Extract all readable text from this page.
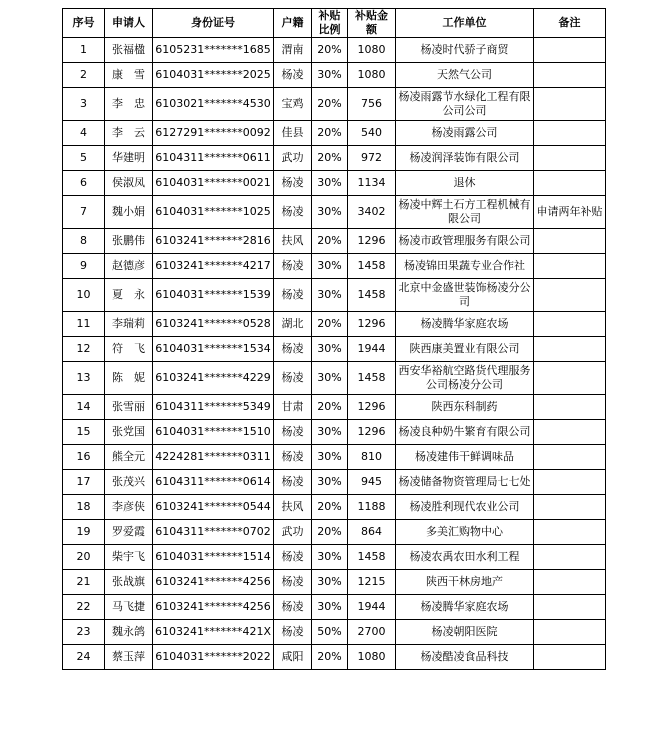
序号	申请人	身份证号	户籍	补贴比例	补贴金额	工作单位	备注
1	张福楹	6105231*******1685	渭南	20%	1080	杨凌时代骄子商贸	
2	康　雪	6104031*******2025	杨凌	30%	1080	天然气公司	
3	李　忠	6103021*******4530	宝鸡	20%	756	杨凌雨露节水绿化工程有限公司公司	
4	李　云	6127291*******0092	佳县	20%	540	杨凌雨露公司	
5	华建明	6104311*******0611	武功	20%	972	杨凌润泽装饰有限公司	
6	侯淑凤	6104031*******0021	杨凌	30%	1134	退休	
7	魏小娟	6104031*******1025	杨凌	30%	3402	杨凌中辉土石方工程机械有限公司	申请两年补贴
8	张鹏伟	6103241*******2816	扶风	20%	1296	杨凌市政管理服务有限公司	
9	赵德彦	6103241*******4217	杨凌	30%	1458	杨凌锦田果蔬专业合作社	
10	夏　永	6104031*******1539	杨凌	30%	1458	北京中金盛世装饰杨凌分公司	
11	李瑞莉	6103241*******0528	湖北	20%	1296	杨凌腾华家庭农场	
12	符　飞	6104031*******1534	杨凌	30%	1944	陕西康美置业有限公司	
13	陈　妮	6103241*******4229	杨凌	30%	1458	西安华裕航空路货代理服务公司杨凌分公司	
14	张雪丽	6104311*******5349	甘肃	20%	1296	陕西东科制药	
15	张党国	6104031*******1510	杨凌	30%	1296	杨凌良种奶牛繁育有限公司	
16	熊全元	4224281*******0311	杨凌	30%	810	杨凌建伟干鲜调味品	
17	张茂兴	6104311*******0614	杨凌	30%	945	杨凌储备物资管理局七七处	
18	李彦侠	6103241*******0544	扶风	20%	1188	杨凌胜利现代农业公司	
19	罗爱霞	6104311*******0702	武功	20%	864	多美汇购物中心	
20	柴宇飞	6104031*******1514	杨凌	30%	1458	杨凌农禹农田水利工程	
21	张战旗	6103241*******4256	杨凌	30%	1215	陕西干林房地产	
22	马飞捷	6103241*******4256	杨凌	30%	1944	杨凌腾华家庭农场	
23	魏永鸽	6103241*******421X	杨凌	50%	2700	杨凌朝阳医院	
24	蔡玉萍	6104031*******2022	咸阳	20%	1080	杨凌酷凌食品科技	
